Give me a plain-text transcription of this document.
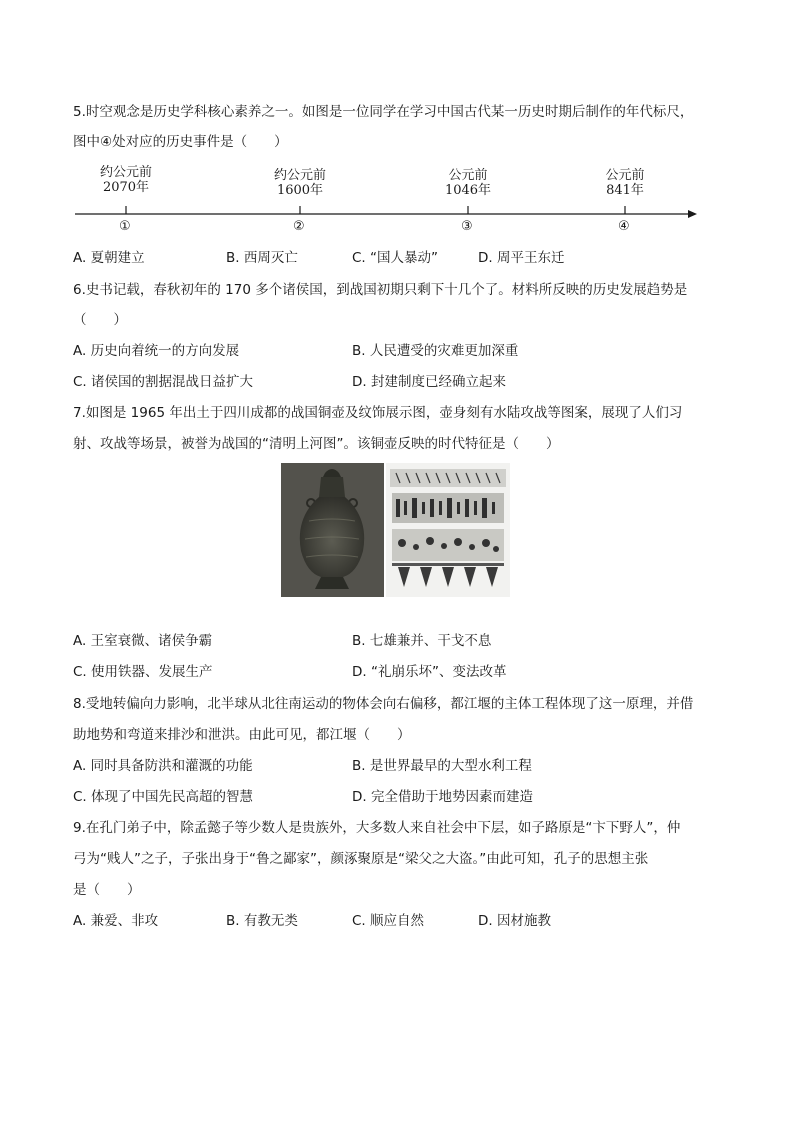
5.时空观念是历史学科核心素养之一。如图是一位同学在学习中国古代某一历史时期后制作的年代标尺，
图中④处对应的历史事件是（　　）
约公元前
2070年
约公元前
1600年
公元前
1046年
公元前
841年
①	②	③	④
A. 夏朝建立	B. 西周灭亡	C. “国人暴动”	D. 周平王东迁
6.史书记载，春秋初年的 170 多个诸侯国，到战国初期只剩下十几个了。材料所反映的历史发展趋势是
（　　）
A. 历史向着统一的方向发展	B. 人民遭受的灾难更加深重
C. 诸侯国的割据混战日益扩大	D. 封建制度已经确立起来
7.如图是 1965 年出土于四川成都的战国铜壶及纹饰展示图，壶身刻有水陆攻战等图案，展现了人们习
射、攻战等场景，被誉为战国的“清明上河图”。该铜壶反映的时代特征是（　　）
A. 王室衰微、诸侯争霸	B. 七雄兼并、干戈不息
C. 使用铁器、发展生产	D. “礼崩乐坏”、变法改革
8.受地转偏向力影响，北半球从北往南运动的物体会向右偏移，都江堰的主体工程体现了这一原理，并借
助地势和弯道来排沙和泄洪。由此可见，都江堰（　　）
A. 同时具备防洪和灌溉的功能	B. 是世界最早的大型水利工程
C. 体现了中国先民高超的智慧	D. 完全借助于地势因素而建造
9.在孔门弟子中，除孟懿子等少数人是贵族外，大多数人来自社会中下层，如子路原是“卞下野人”，仲
弓为“贱人”之子，子张出身于“鲁之鄙家”，颜涿聚原是“梁父之大盗。”由此可知，孔子的思想主张
是（　　）
A. 兼爱、非攻	B. 有教无类	C. 顺应自然	D. 因材施教
